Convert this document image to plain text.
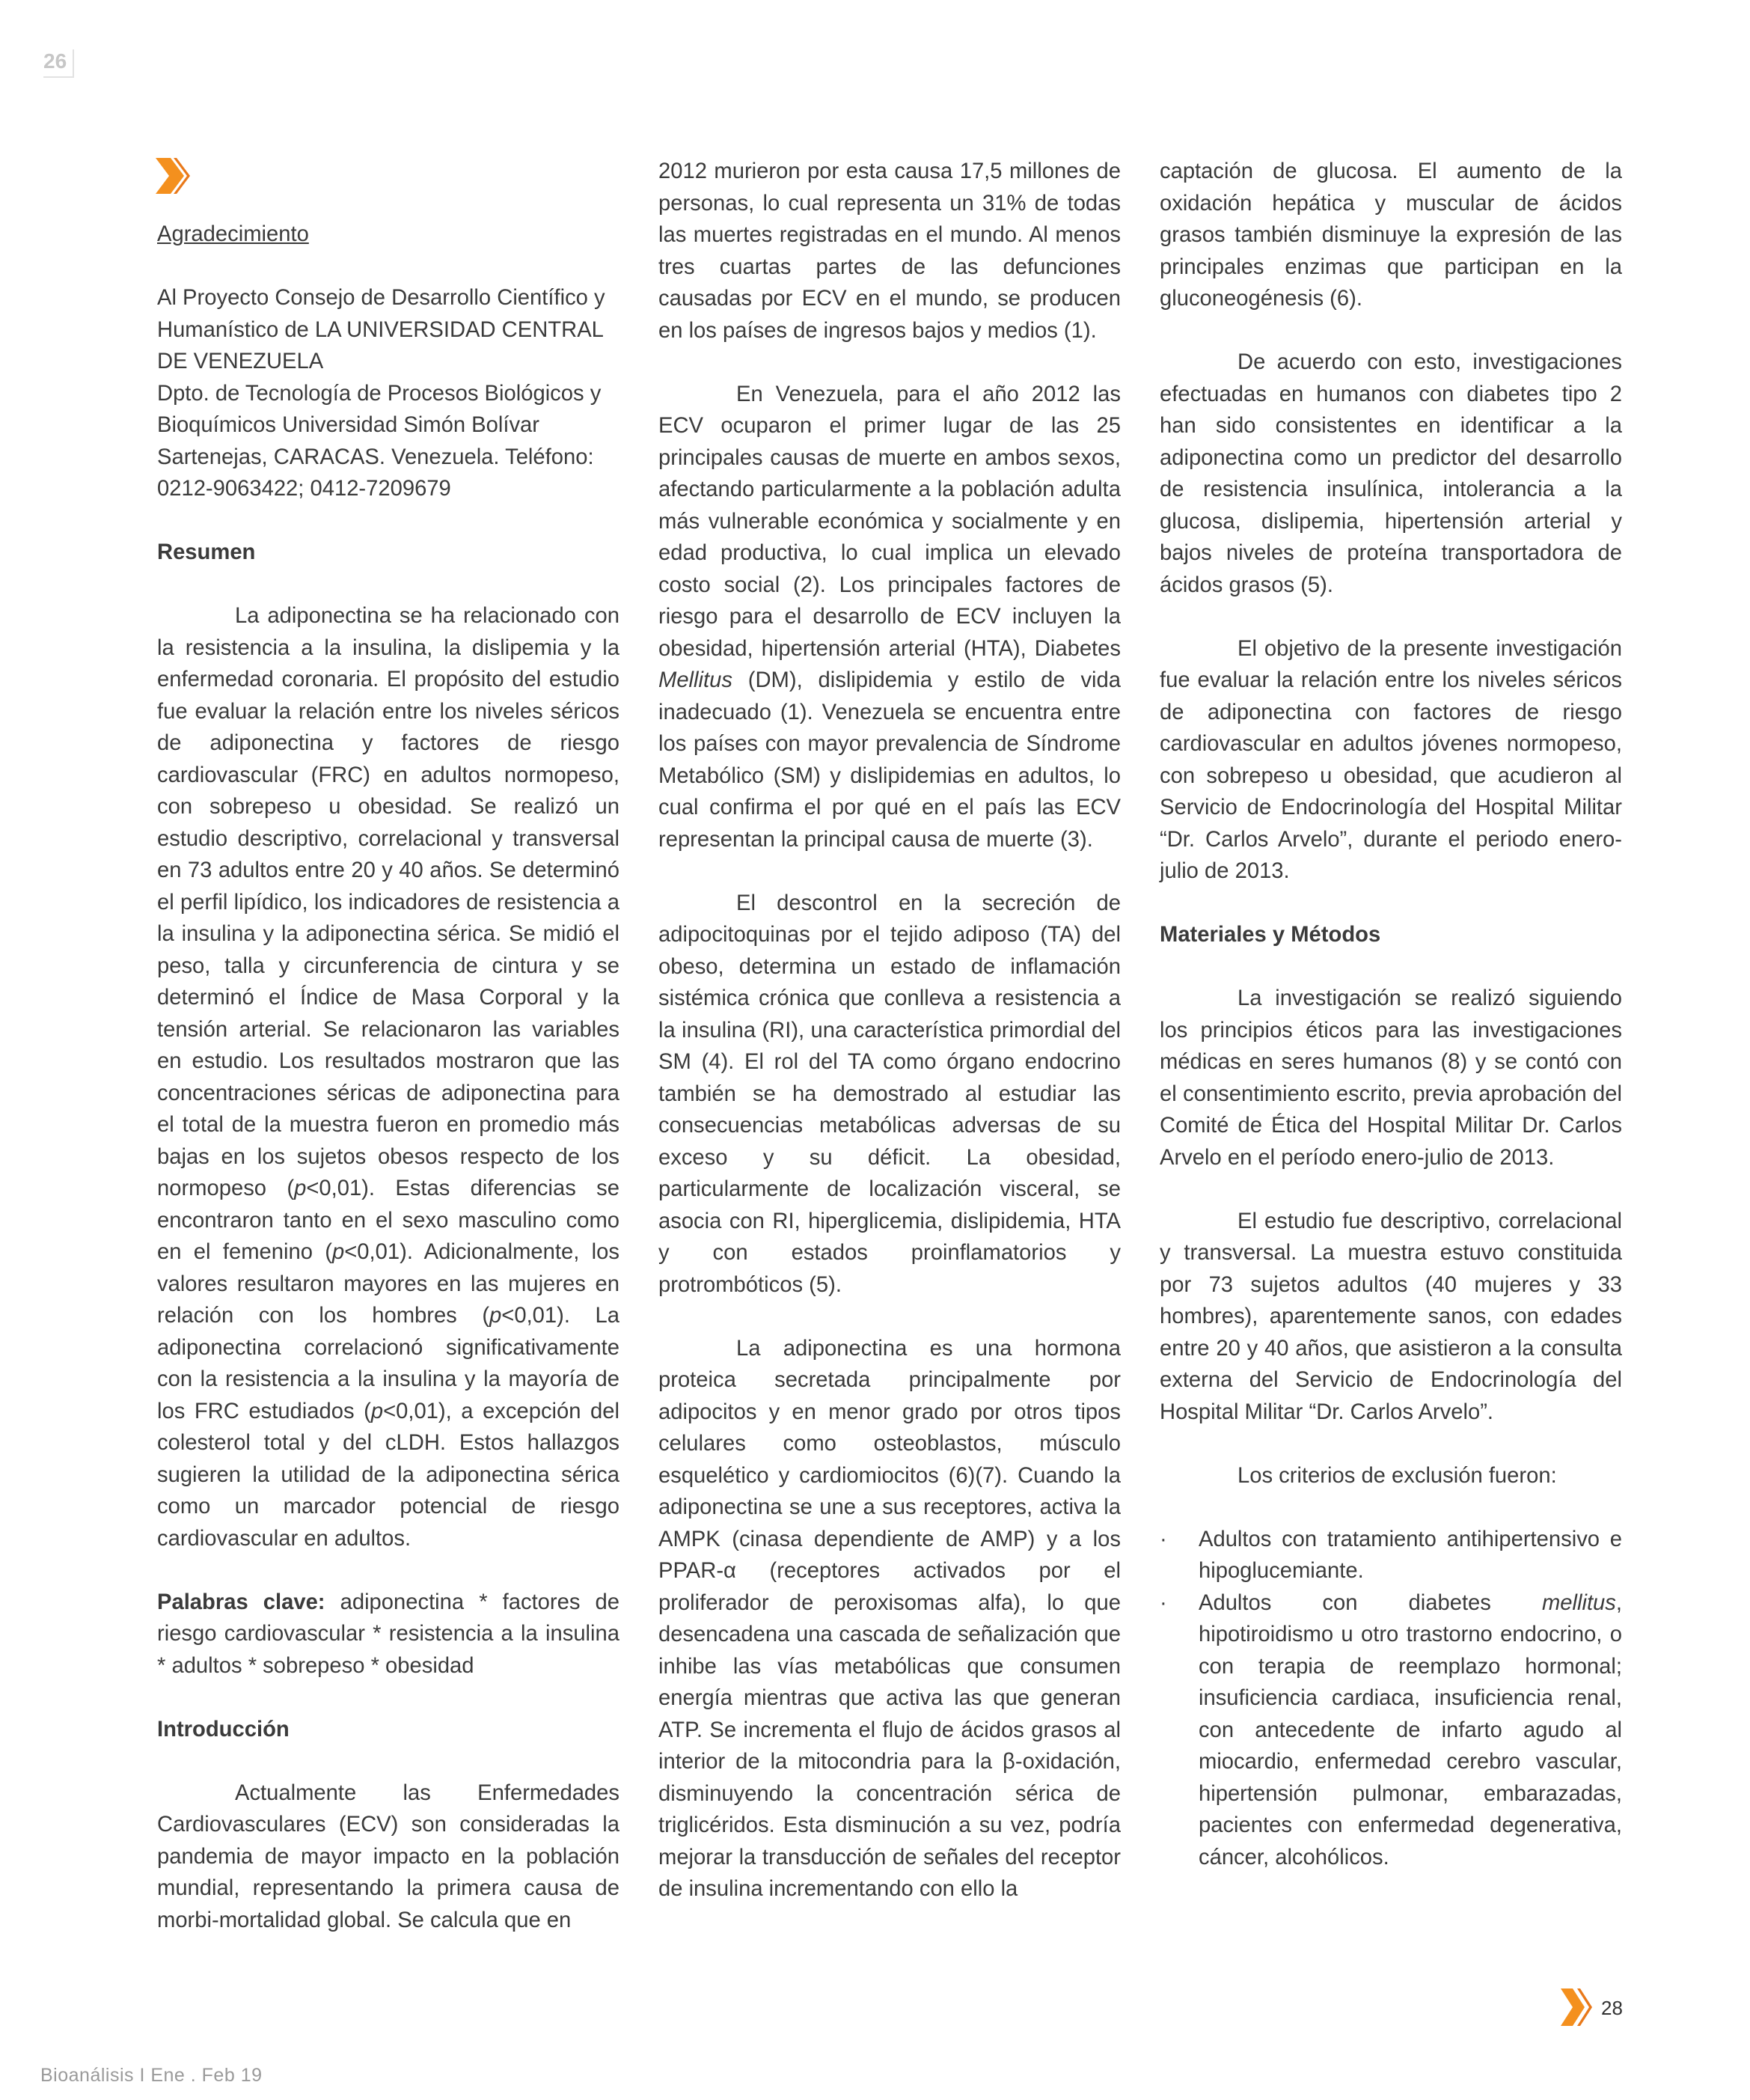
26

Agradecimiento

Al Proyecto Consejo de Desarrollo Científico y
Humanístico de LA UNIVERSIDAD CENTRAL
DE VENEZUELA
Dpto. de Tecnología de Procesos Biológicos y
Bioquímicos Universidad Simón Bolívar
Sartenejas, CARACAS. Venezuela. Teléfono:
0212-9063422; 0412-7209679

Resumen

La adiponectina se ha relacionado con la resistencia a la insulina, la dislipemia y la enfermedad coronaria. El propósito del estudio fue evaluar la relación entre los niveles séricos de adiponectina y factores de riesgo cardiovascular (FRC) en adultos normopeso, con sobrepeso u obesidad. Se realizó un estudio descriptivo, correlacional y transversal en 73 adultos entre 20 y 40 años. Se determinó el perfil lipídico, los indicadores de resistencia a la insulina y la adiponectina sérica. Se midió el peso, talla y circunferencia de cintura y se determinó el Índice de Masa Corporal y la tensión arterial. Se relacionaron las variables en estudio. Los resultados mostraron que las concentraciones séricas de adiponectina para el total de la muestra fueron en promedio más bajas en los sujetos obesos respecto de los normopeso (p<0,01). Estas diferencias se encontraron tanto en el sexo masculino como en el femenino (p<0,01). Adicionalmente, los valores resultaron mayores en las mujeres en relación con los hombres (p<0,01). La adiponectina correlacionó significativamente con la resistencia a la insulina y la mayoría de los FRC estudiados (p<0,01), a excepción del colesterol total y del cLDH. Estos hallazgos sugieren la utilidad de la adiponectina sérica como un marcador potencial de riesgo cardiovascular en adultos.

Palabras clave: adiponectina * factores de riesgo cardiovascular * resistencia a la insulina * adultos * sobrepeso * obesidad

Introducción

Actualmente las Enfermedades Cardiovasculares (ECV) son consideradas la pandemia de mayor impacto en la población mundial, representando la primera causa de morbi-mortalidad global. Se calcula que en

2012 murieron por esta causa 17,5 millones de personas, lo cual representa un 31% de todas las muertes registradas en el mundo. Al menos tres cuartas partes de las defunciones causadas por ECV en el mundo, se producen en los países de ingresos bajos y medios (1).

En Venezuela, para el año 2012 las ECV ocuparon el primer lugar de las 25 principales causas de muerte en ambos sexos, afectando particularmente a la población adulta más vulnerable económica y socialmente y en edad productiva, lo cual implica un elevado costo social (2). Los principales factores de riesgo para el desarrollo de ECV incluyen la obesidad, hipertensión arterial (HTA), Diabetes Mellitus (DM), dislipidemia y estilo de vida inadecuado (1). Venezuela se encuentra entre los países con mayor prevalencia de Síndrome Metabólico (SM) y dislipidemias en adultos, lo cual confirma el por qué en el país las ECV representan la principal causa de muerte (3).

El descontrol en la secreción de adipocitoquinas por el tejido adiposo (TA) del obeso, determina un estado de inflamación sistémica crónica que conlleva a resistencia a la insulina (RI), una característica primordial del SM (4). El rol del TA como órgano endocrino también se ha demostrado al estudiar las consecuencias metabólicas adversas de su exceso y su déficit. La obesidad, particularmente de localización visceral, se asocia con RI, hiperglicemia, dislipidemia, HTA y con estados proinflamatorios y protrombóticos (5).

La adiponectina es una hormona proteica secretada principalmente por adipocitos y en menor grado por otros tipos celulares como osteoblastos, músculo esquelético y cardiomiocitos (6)(7). Cuando la adiponectina se une a sus receptores, activa la AMPK (cinasa dependiente de AMP) y a los PPAR-α (receptores activados por el proliferador de peroxisomas alfa), lo que desencadena una cascada de señalización que inhibe las vías metabólicas que consumen energía mientras que activa las que generan ATP. Se incrementa el flujo de ácidos grasos al interior de la mitocondria para la β-oxidación, disminuyendo la concentración sérica de triglicéridos. Esta disminución a su vez, podría mejorar la transducción de señales del receptor de insulina incrementando con ello la

captación de glucosa. El aumento de la oxidación hepática y muscular de ácidos grasos también disminuye la expresión de las principales enzimas que participan en la gluconeogénesis (6).

De acuerdo con esto, investigaciones efectuadas en humanos con diabetes tipo 2 han sido consistentes en identificar a la adiponectina como un predictor del desarrollo de resistencia insulínica, intolerancia a la glucosa, dislipemia, hipertensión arterial y bajos niveles de proteína transportadora de ácidos grasos (5).

El objetivo de la presente investigación fue evaluar la relación entre los niveles séricos de adiponectina con factores de riesgo cardiovascular en adultos jóvenes normopeso, con sobrepeso u obesidad, que acudieron al Servicio de Endocrinología del Hospital Militar “Dr. Carlos Arvelo”, durante el periodo enero-julio de 2013.

Materiales y Métodos

La investigación se realizó siguiendo los principios éticos para las investigaciones médicas en seres humanos (8) y se contó con el consentimiento escrito, previa aprobación del Comité de Ética del Hospital Militar Dr. Carlos Arvelo en el período enero-julio de 2013.

El estudio fue descriptivo, correlacional y transversal. La muestra estuvo constituida por 73 sujetos adultos (40 mujeres y 33 hombres), aparentemente sanos, con edades entre 20 y 40 años, que asistieron a la consulta externa del Servicio de Endocrinología del Hospital Militar “Dr. Carlos Arvelo”.

Los criterios de exclusión fueron:

·	Adultos con tratamiento antihipertensivo e hipoglucemiante.
·	Adultos con diabetes mellitus, hipotiroidismo u otro trastorno endocrino, o con terapia de reemplazo hormonal; insuficiencia cardiaca, insuficiencia renal, con antecedente de infarto agudo al miocardio, enfermedad cerebro vascular, hipertensión pulmonar, embarazadas, pacientes con enfermedad degenerativa, cáncer, alcohólicos.
28
Bioanálisis I Ene . Feb 19
